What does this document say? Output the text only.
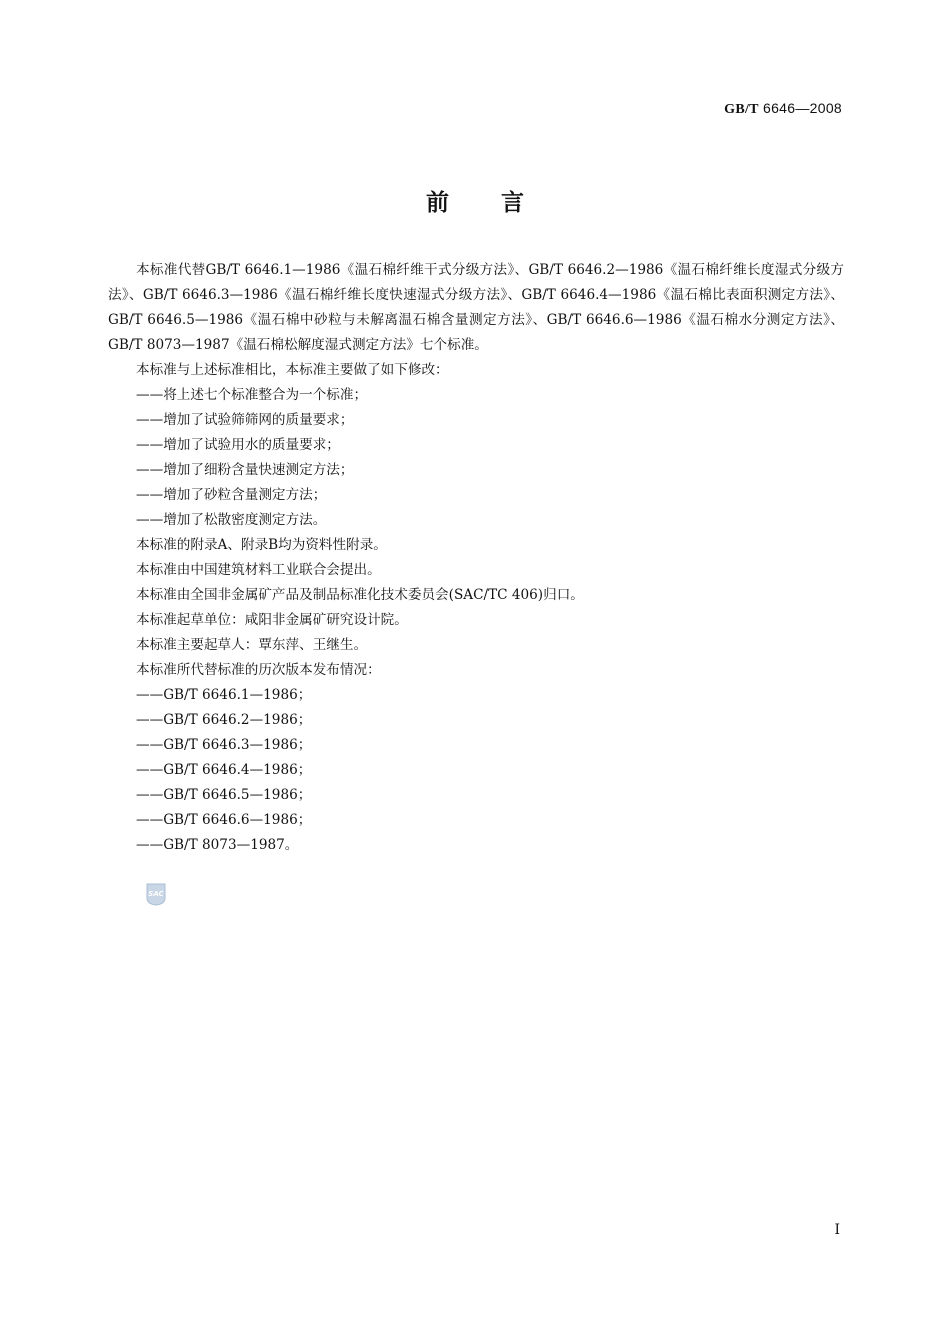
GB/T 6646—2008
前言

本标准代替GB/T 6646.1—1986《温石棉纤维干式分级方法》、GB/T 6646.2—1986《温石棉纤维长度湿式分级方法》、GB/T 6646.3—1986《温石棉纤维长度快速湿式分级方法》、GB/T 6646.4—1986《温石棉比表面积测定方法》、GB/T 6646.5—1986《温石棉中砂粒与未解离温石棉含量测定方法》、GB/T 6646.6—1986《温石棉水分测定方法》、GB/T 8073—1987《温石棉松解度湿式测定方法》七个标准。

本标准与上述标准相比，本标准主要做了如下修改：

——将上述七个标准整合为一个标准；

——增加了试验筛筛网的质量要求；

——增加了试验用水的质量要求；

——增加了细粉含量快速测定方法；

——增加了砂粒含量测定方法；

——增加了松散密度测定方法。

本标准的附录A、附录B均为资料性附录。

本标准由中国建筑材料工业联合会提出。

本标准由全国非金属矿产品及制品标准化技术委员会(SAC/TC 406)归口。

本标准起草单位：咸阳非金属矿研究设计院。

本标准主要起草人：覃东萍、王继生。

本标准所代替标准的历次版本发布情况：

——GB/T 6646.1—1986；

——GB/T 6646.2—1986；

——GB/T 6646.3—1986；

——GB/T 6646.4—1986；

——GB/T 6646.5—1986；

——GB/T 6646.6—1986；

——GB/T 8073—1987。

SAC
I
